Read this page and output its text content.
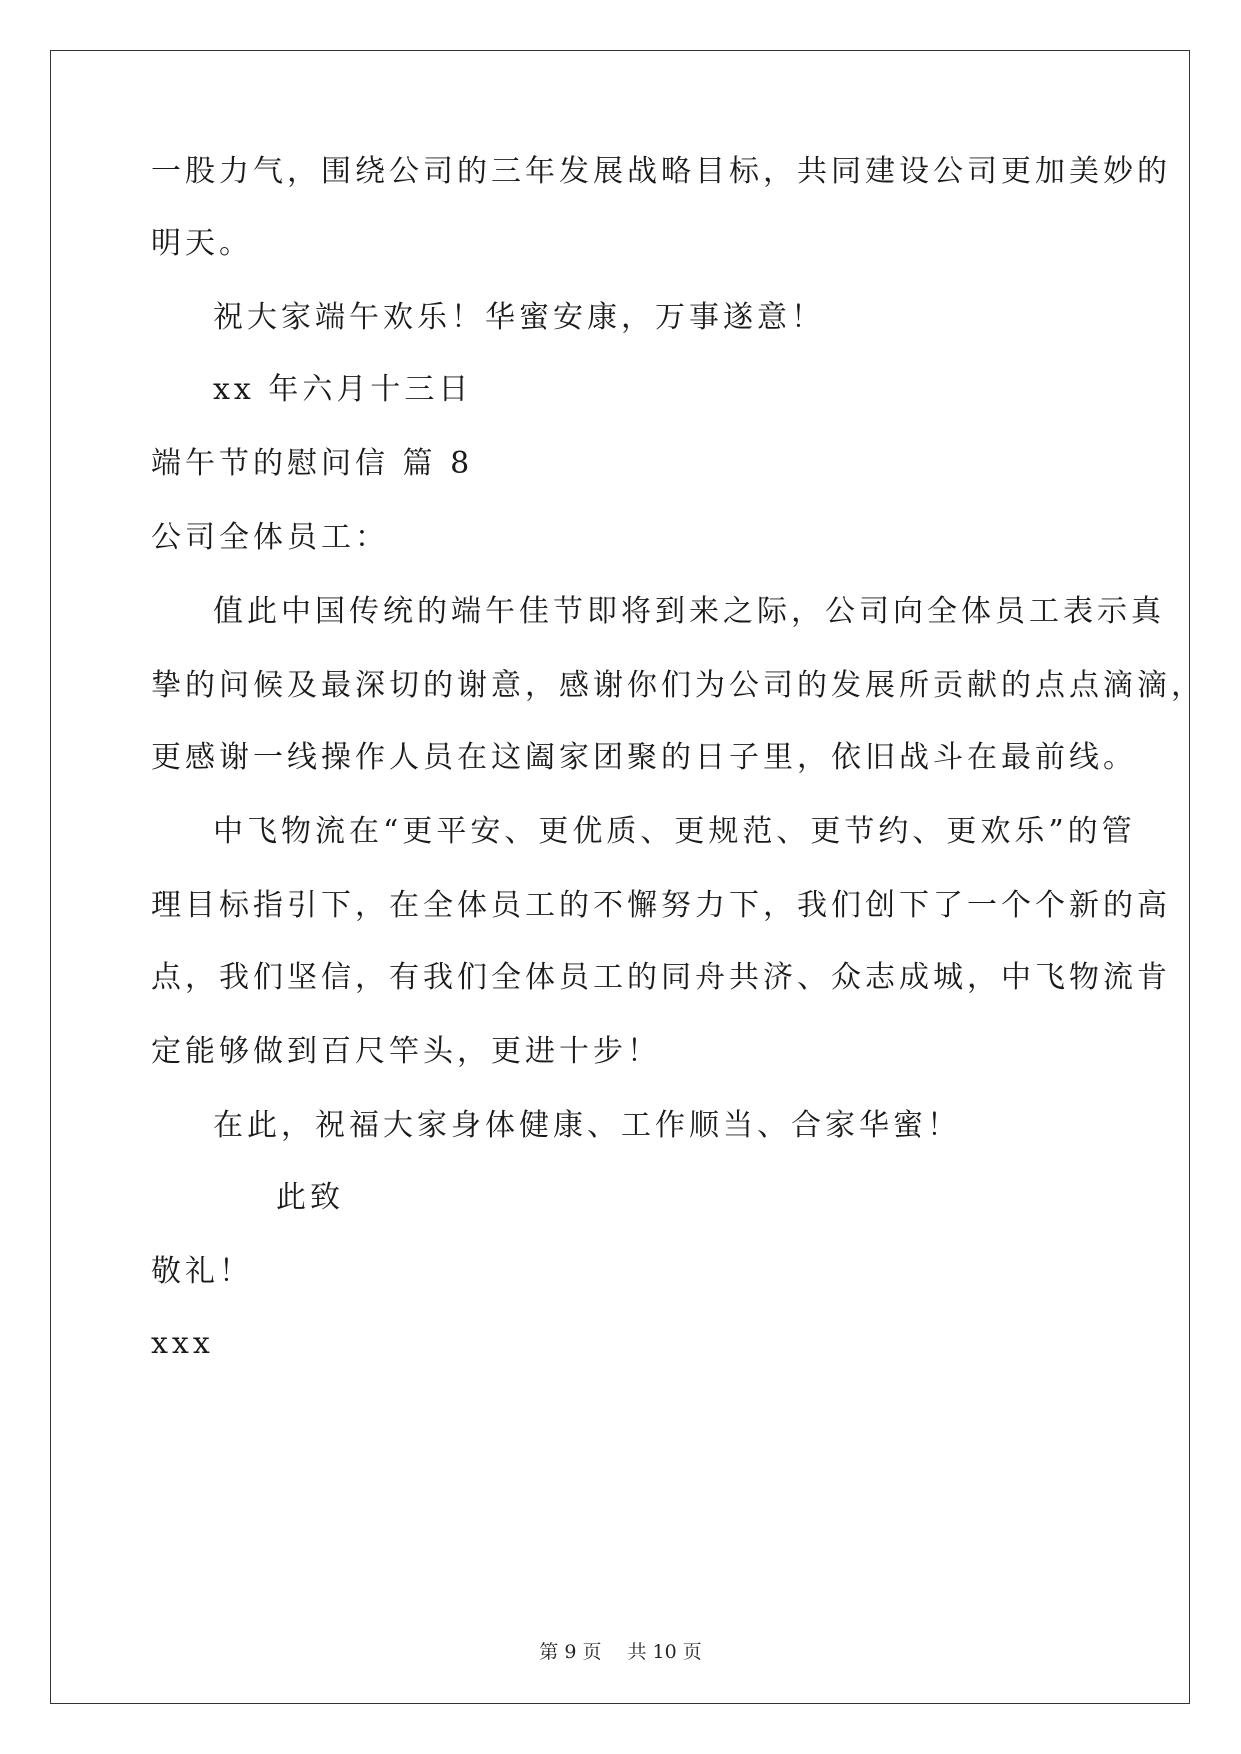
一股力气，围绕公司的三年发展战略目标，共同建设公司更加美妙的
明天。
祝大家端午欢乐！华蜜安康，万事遂意！
xx 年六月十三日
端午节的慰问信 篇 8
公司全体员工：
值此中国传统的端午佳节即将到来之际，公司向全体员工表示真
挚的问候及最深切的谢意，感谢你们为公司的发展所贡献的点点滴滴，
更感谢一线操作人员在这阖家团聚的日子里，依旧战斗在最前线。
中飞物流在“更平安、更优质、更规范、更节约、更欢乐”的管
理目标指引下，在全体员工的不懈努力下，我们创下了一个个新的高
点，我们坚信，有我们全体员工的同舟共济、众志成城，中飞物流肯
定能够做到百尺竿头，更进十步！
在此，祝福大家身体健康、工作顺当、合家华蜜！
此致
敬礼！
xxx
第 9 页 共 10 页
